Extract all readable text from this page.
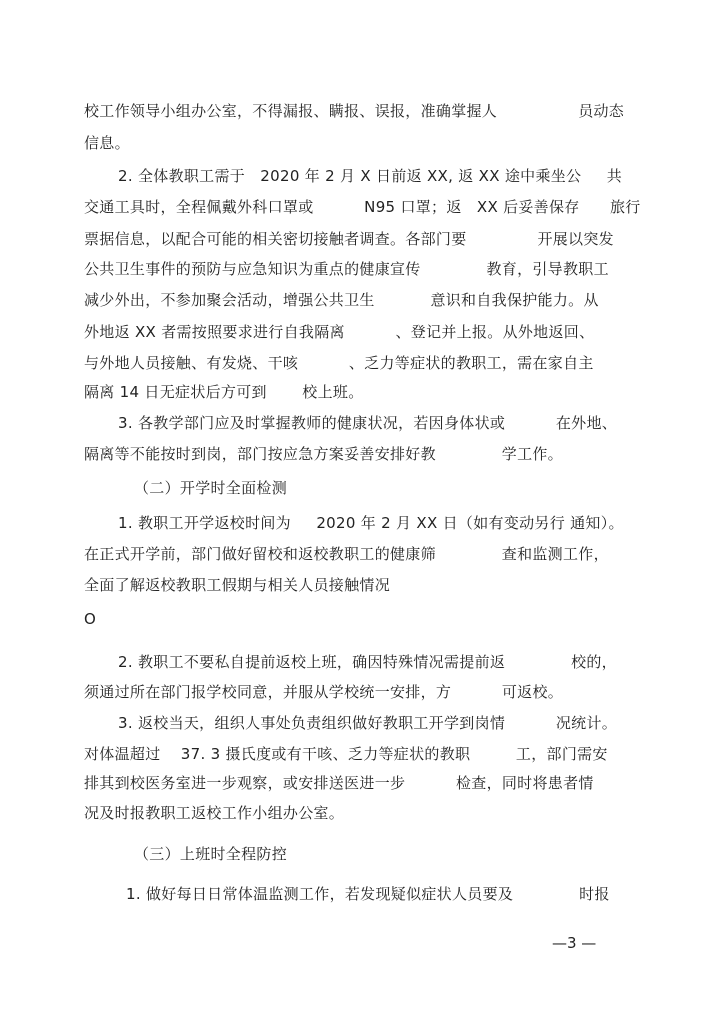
校工作领导小组办公室，不得漏报、瞒报、误报，准确掌握人                员动态
信息。
2. 全体教职工需于   2020 年 2 月 X 日前返 XX, 返 XX 途中乘坐公     共
交通工具时，全程佩戴外科口罩或          N95 口罩；返   XX 后妥善保存      旅行
票据信息，以配合可能的相关密切接触者调查。各部门要              开展以突发
公共卫生事件的预防与应急知识为重点的健康宣传             教育，引导教职工
减少外出，不参加聚会活动，增强公共卫生           意识和自我保护能力。从
外地返 XX 者需按照要求进行自我隔离          、登记并上报。从外地返回、
与外地人员接触、有发烧、干咳          、乏力等症状的教职工，需在家自主
隔离 14 日无症状后方可到       校上班。
3. 各教学部门应及时掌握教师的健康状况，若因身体状或          在外地、
隔离等不能按时到岗，部门按应急方案妥善安排好教             学工作。
（二）开学时全面检测
1. 教职工开学返校时间为     2020 年 2 月 XX 日（如有变动另行 通知）。
在正式开学前，部门做好留校和返校教职工的健康筛             查和监测工作，
全面了解返校教职工假期与相关人员接触情况
O
2. 教职工不要私自提前返校上班，确因特殊情况需提前返             校的，
须通过所在部门报学校同意，并服从学校统一安排，方          可返校。
3. 返校当天，组织人事处负责组织做好教职工开学到岗情          况统计。
对体温超过    37. 3 摄氏度或有干咳、乏力等症状的教职         工，部门需安
排其到校医务室进一步观察，或安排送医进一步          检查，同时将患者情
况及时报教职工返校工作小组办公室。
（三）上班时全程防控
1. 做好每日日常体温监测工作，若发现疑似症状人员要及             时报
—3 —
